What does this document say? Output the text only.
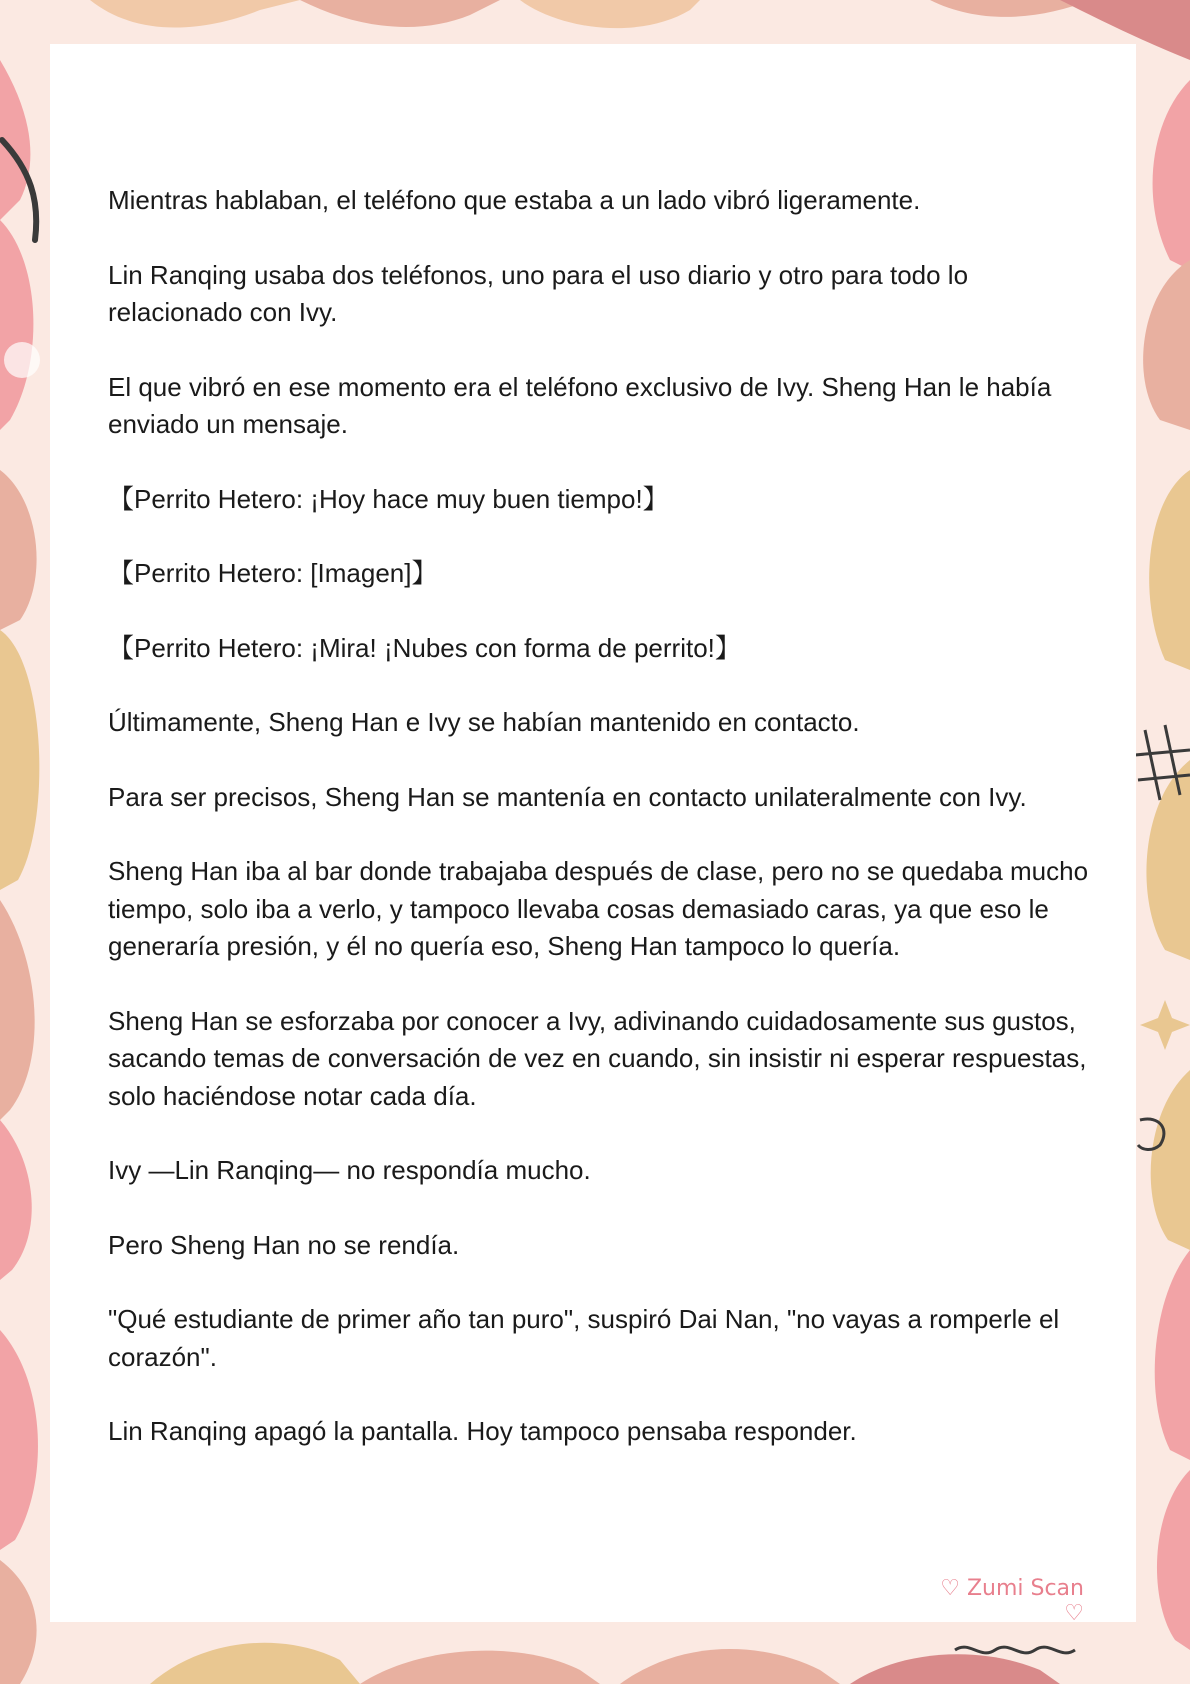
Mientras hablaban, el teléfono que estaba a un lado vibró ligeramente.

Lin Ranqing usaba dos teléfonos, uno para el uso diario y otro para todo lo relacionado con Ivy.

El que vibró en ese momento era el teléfono exclusivo de Ivy. Sheng Han le había enviado un mensaje.

【Perrito Hetero: ¡Hoy hace muy buen tiempo!】

【Perrito Hetero: [Imagen]】

【Perrito Hetero: ¡Mira! ¡Nubes con forma de perrito!】

Últimamente, Sheng Han e Ivy se habían mantenido en contacto.

Para ser precisos, Sheng Han se mantenía en contacto unilateralmente con Ivy.

Sheng Han iba al bar donde trabajaba después de clase, pero no se quedaba mucho tiempo, solo iba a verlo, y tampoco llevaba cosas demasiado caras, ya que eso le generaría presión, y él no quería eso, Sheng Han tampoco lo quería.

Sheng Han se esforzaba por conocer a Ivy, adivinando cuidadosamente sus gustos, sacando temas de conversación de vez en cuando, sin insistir ni esperar respuestas, solo haciéndose notar cada día.

Ivy —Lin Ranqing— no respondía mucho.

Pero Sheng Han no se rendía.

"Qué estudiante de primer año tan puro", suspiró Dai Nan, "no vayas a romperle el corazón".

Lin Ranqing apagó la pantalla. Hoy tampoco pensaba responder.

♡ Zumi Scan ♡
